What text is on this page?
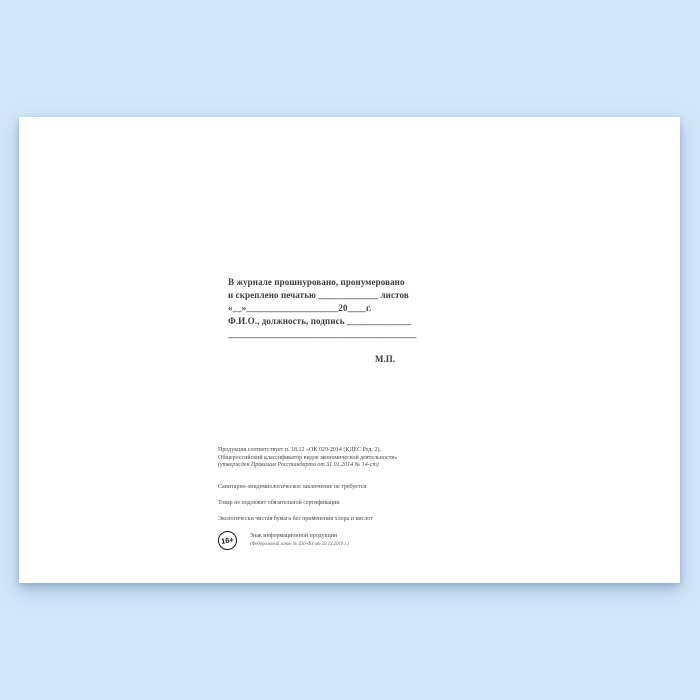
В журнале прошнуровано, пронумеровано
и скреплено печатью _____________ листов
«__»____________________20____г.
Ф.И.О., должность, подпись ______________
_________________________________________
М.П.
Продукция соответствует п. 18.12 «ОК 029-2014 (КДЕС Ред. 2).
Общероссийский классификатор видов экономической деятельности»
(утвержден Приказом Росстандарта от 31.01.2014 № 14-ст)
Санитарно-эпидемиологическое заключение не требуется
Товар не подлежит обязательной сертификации
Экологически чистая бумага без применения хлора и кислот
16+	Знак информационной продукции
(Федеральный закон № 436-ФЗ от 29.12.2010 г.)
